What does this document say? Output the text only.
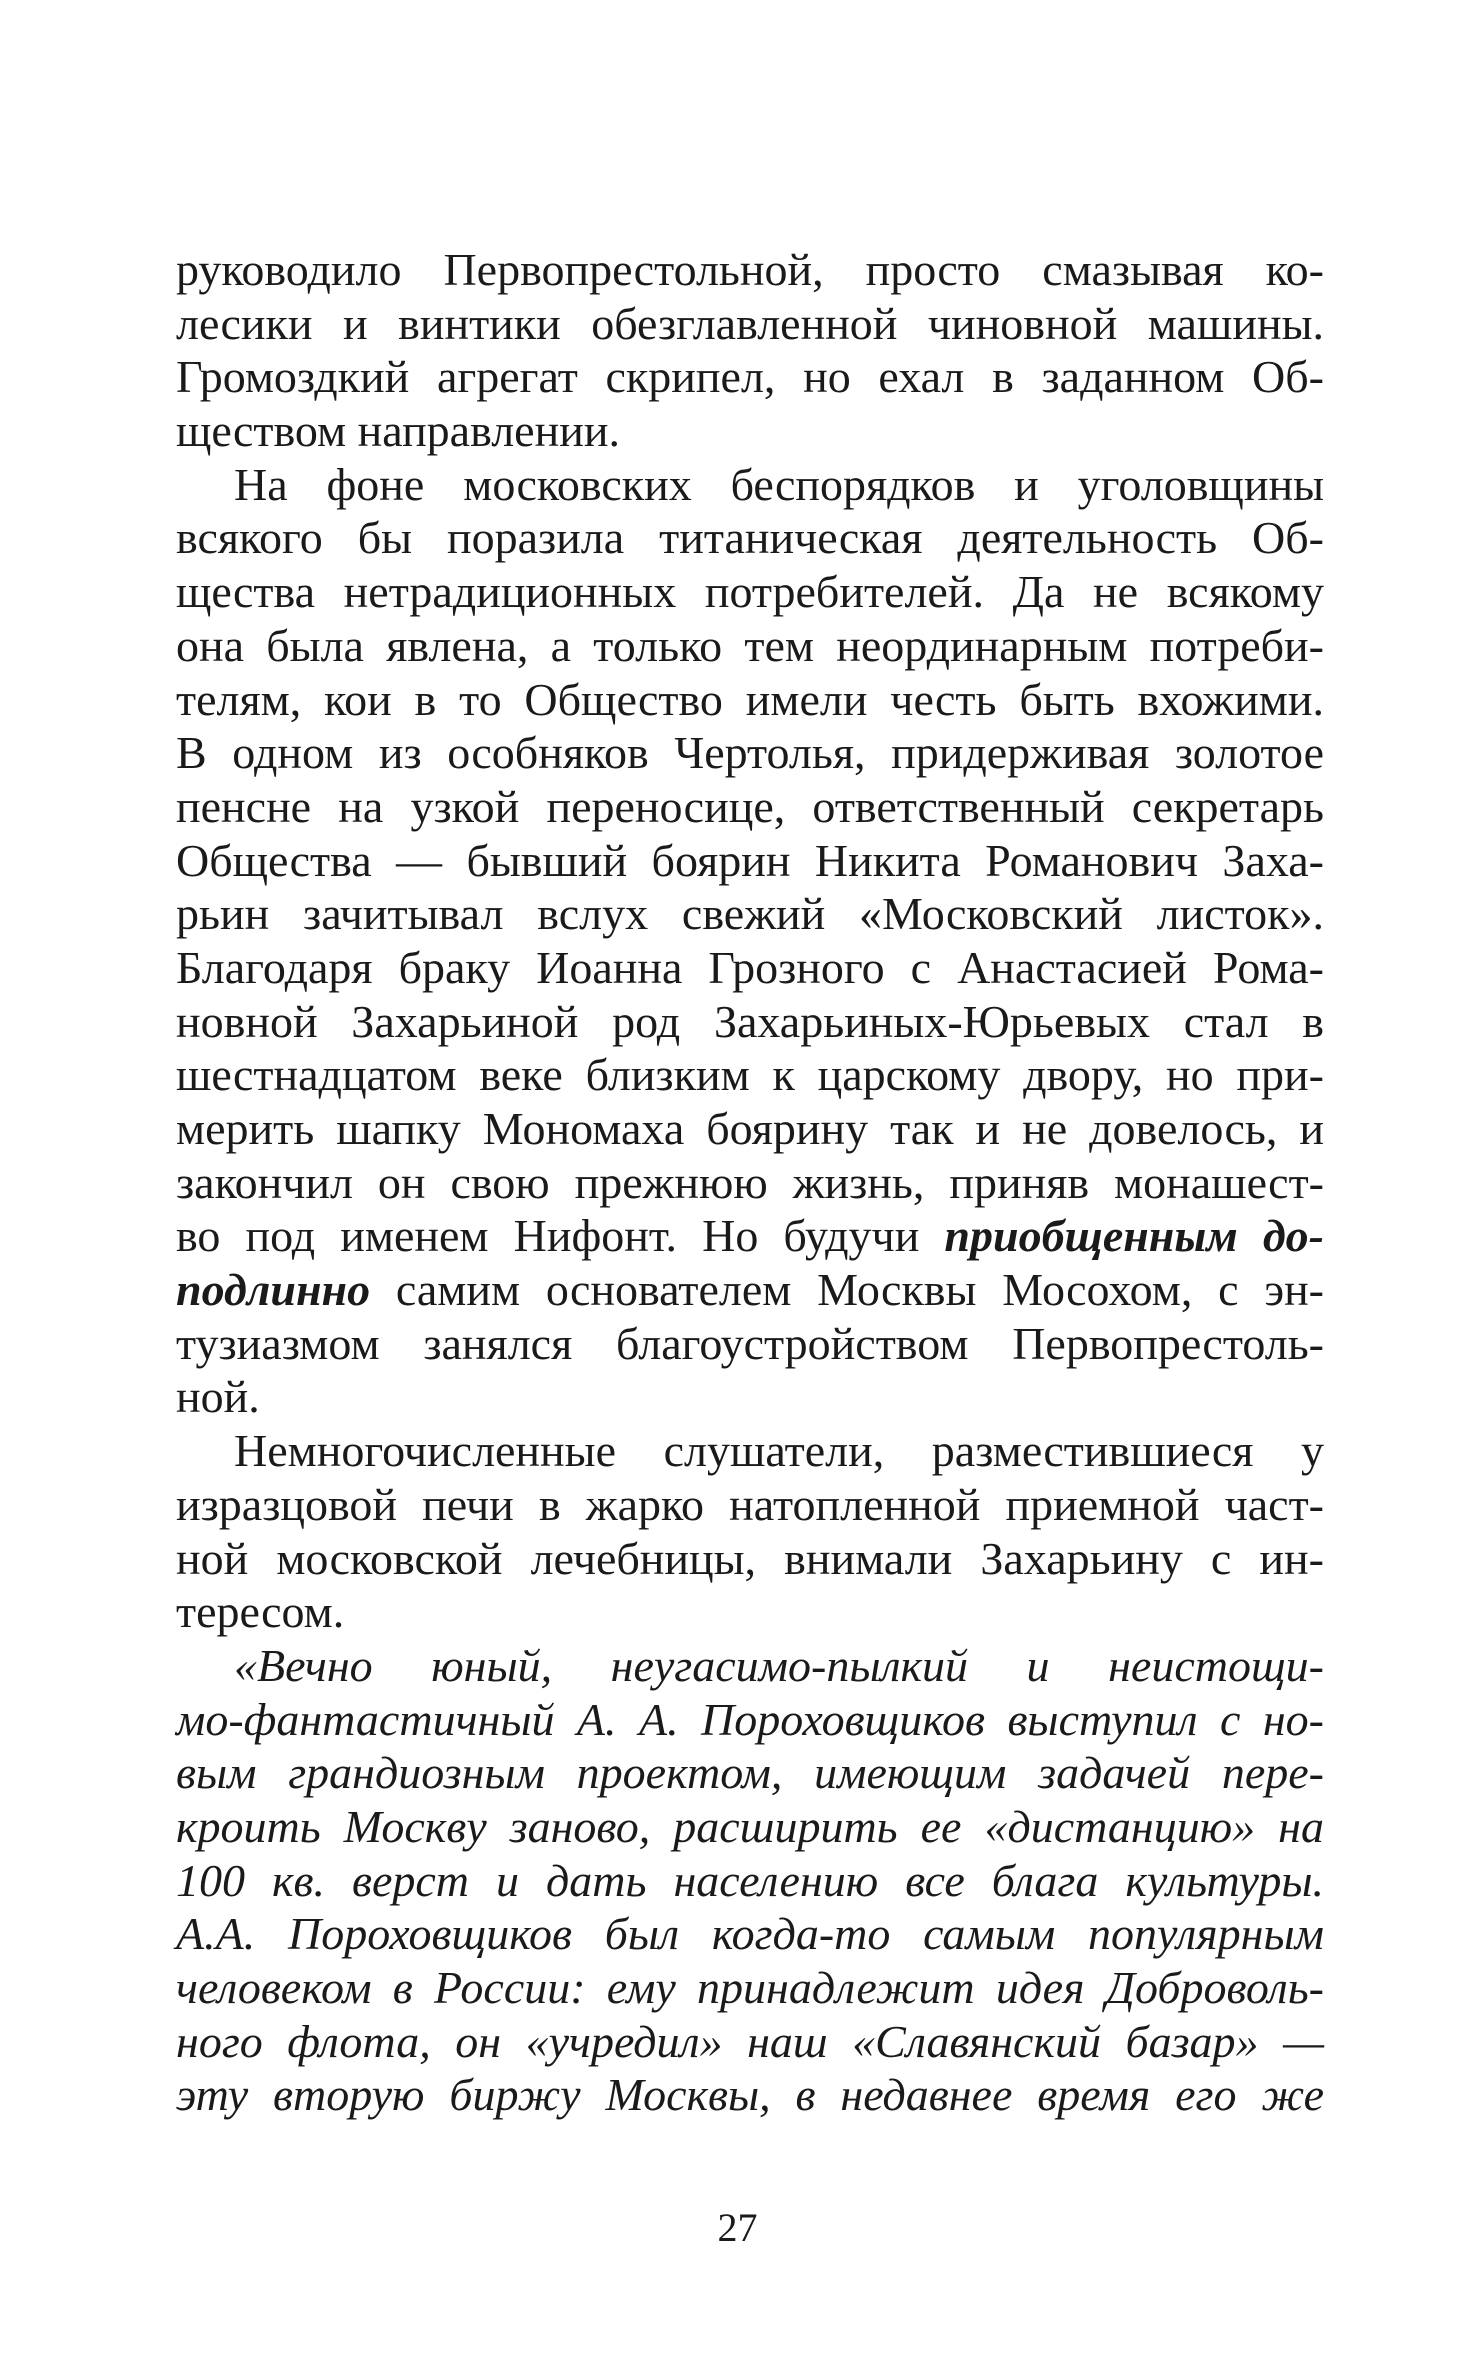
руководило Первопрестольной, просто смазывая ко-
лесики и винтики обезглавленной чиновной машины.
Громоздкий агрегат скрипел, но ехал в заданном Об-
ществом направлении.
На фоне московских беспорядков и уголовщины
всякого бы поразила титаническая деятельность Об-
щества нетрадиционных потребителей. Да не всякому
она была явлена, а только тем неординарным потреби-
телям, кои в то Общество имели честь быть вхожими.
В одном из особняков Чертолья, придерживая золотое
пенсне на узкой переносице, ответственный секретарь
Общества — бывший боярин Никита Романович Заха-
рьин зачитывал вслух свежий «Московский листок».
Благодаря браку Иоанна Грозного с Анастасией Рома-
новной Захарьиной род Захарьиных-Юрьевых стал в
шестнадцатом веке близким к царскому двору, но при-
мерить шапку Мономаха боярину так и не довелось, и
закончил он свою прежнюю жизнь, приняв монашест-
во под именем Нифонт. Но будучи приобщенным до-
подлинно самим основателем Москвы Мосохом, с эн-
тузиазмом занялся благоустройством Первопрестоль-
ной.
Немногочисленные слушатели, разместившиеся у
изразцовой печи в жарко натопленной приемной част-
ной московской лечебницы, внимали Захарьину с ин-
тересом.
«Вечно юный, неугасимо-пылкий и неистощи-
мо-фантастичный А. А. Пороховщиков выступил с но-
вым грандиозным проектом, имеющим задачей пере-
кроить Москву заново, расширить ее «дистанцию» на
100 кв. верст и дать населению все блага культуры.
А.А. Пороховщиков был когда-то самым популярным
человеком в России: ему принадлежит идея Доброволь-
ного флота, он «учредил» наш «Славянский базар» —
эту вторую биржу Москвы, в недавнее время его же
27
